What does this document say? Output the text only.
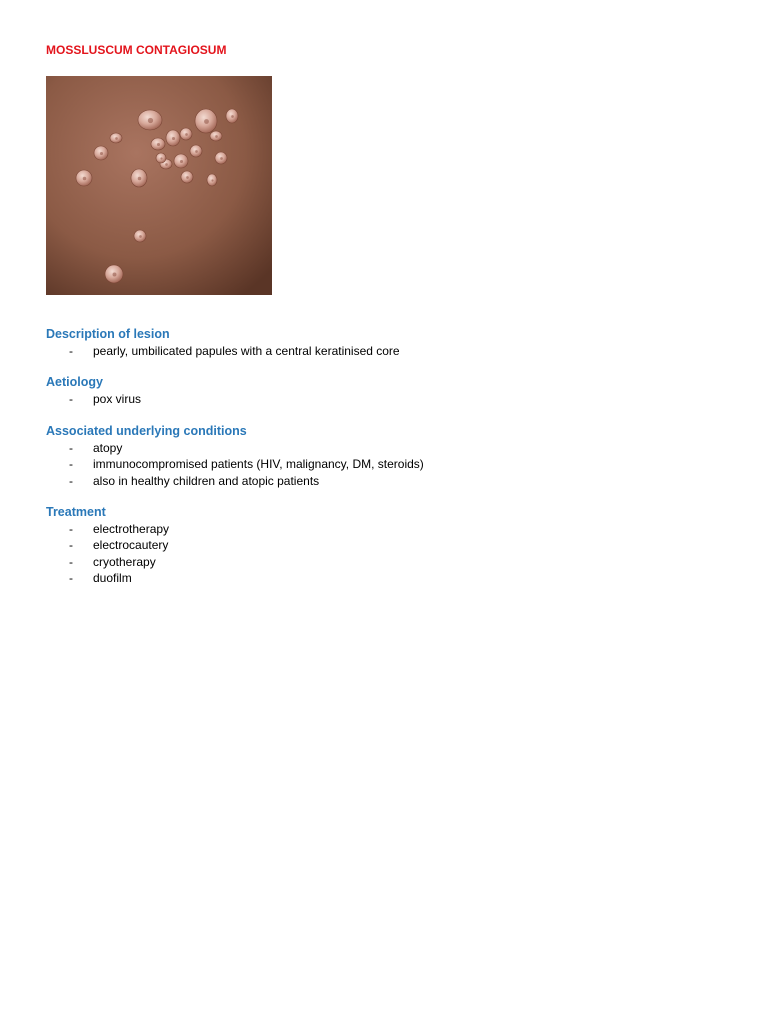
MOSSLUSCUM CONTAGIOSUM
Description of lesion
- pearly, umbilicated papules with a central keratinised core
Aetiology
- pox virus
Associated underlying conditions
- atopy
- immunocompromised patients (HIV, malignancy, DM, steroids)
- also in healthy children and atopic patients
Treatment
- electrotherapy
- electrocautery
- cryotherapy
- duofilm
